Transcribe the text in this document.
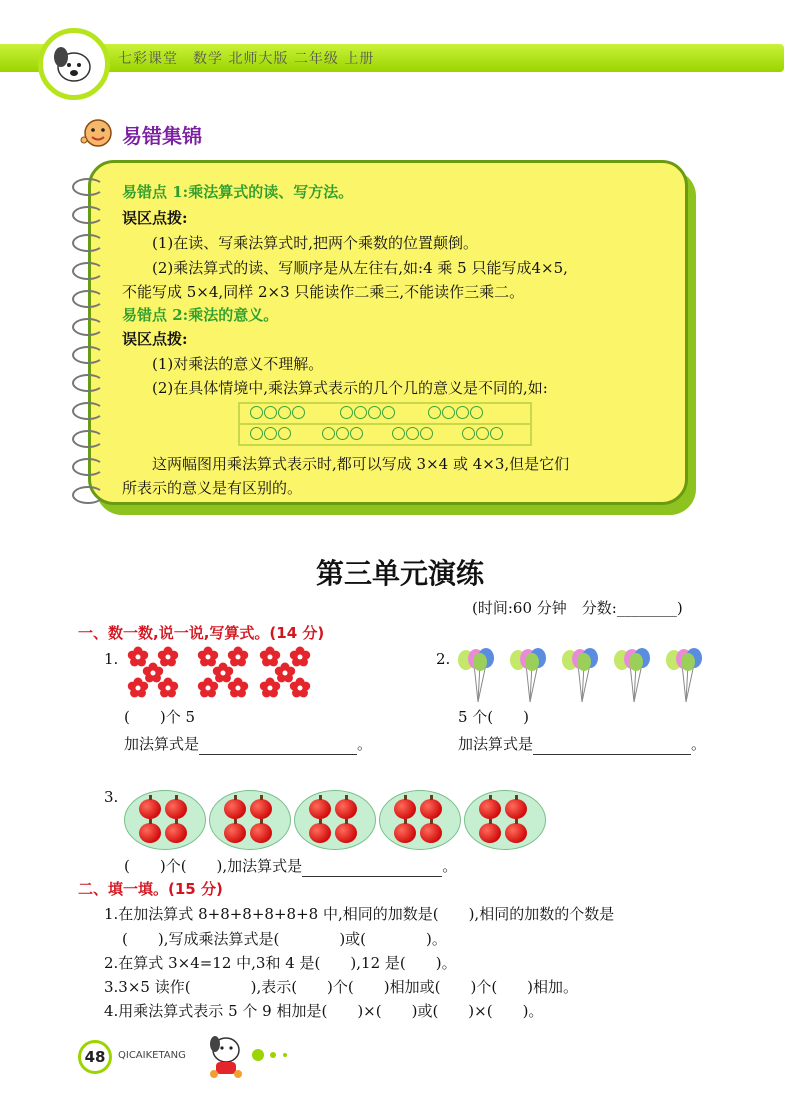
七彩课堂　数学 北师大版 二年级 上册
易错集锦
易错点 1:乘法算式的读、写方法。
误区点拨:
(1)在读、写乘法算式时,把两个乘数的位置颠倒。
(2)乘法算式的读、写顺序是从左往右,如:4 乘 5 只能写成4×5,
不能写成 5×4,同样 2×3 只能读作二乘三,不能读作三乘二。
易错点 2:乘法的意义。
误区点拨:
(1)对乘法的意义不理解。
(2)在具体情境中,乘法算式表示的几个几的意义是不同的,如:
这两幅图用乘法算式表示时,都可以写成 3×4 或 4×3,但是它们
所表示的意义是有区别的。
第三单元演练
(时间:60 分钟　分数:________)
一、数一数,说一说,写算式。(14 分)
1.
(　　)个 5
加法算式是	。
2.
5 个(　　)
加法算式是	。
3.
(　　)个(　　),加法算式是	。
二、填一填。(15 分)
1.在加法算式 8+8+8+8+8+8 中,相同的加数是(　　),相同的加数的个数是
(　　),写成乘法算式是(　　　　)或(　　　　)。
2.在算式 3×4=12 中,3和 4 是(　　),12 是(　　)。
3.3×5 读作(　　　　),表示(　　)个(　　)相加或(　　)个(　　)相加。
4.用乘法算式表示 5 个 9 相加是(　　)×(　　)或(　　)×(　　)。
48	QICAIKETANG
